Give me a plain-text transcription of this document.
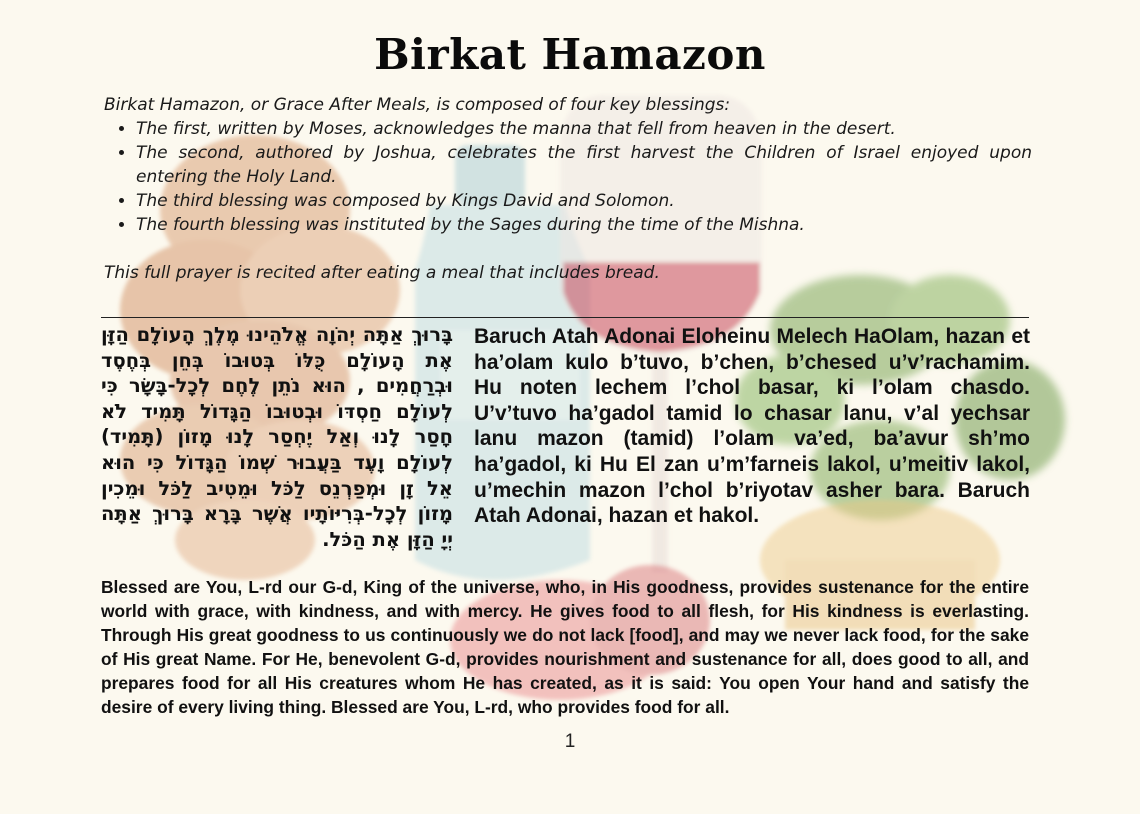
Birkat Hamazon

Birkat Hamazon, or Grace After Meals, is composed of four key blessings:

• The first, written by Moses, acknowledges the manna that fell from heaven in the desert.
• The second, authored by Joshua, celebrates the first harvest the Children of Israel enjoyed upon entering the Holy Land.
• The third blessing was composed by Kings David and Solomon.
• The fourth blessing was instituted by the Sages during the time of the Mishna.

This full prayer is recited after eating a meal that includes bread.

בָּרוּךְ אַתָּה יְהֹוָה אֱלֹהֵינוּ מֶלֶךְ הָעוֹלָם הַזָּן אֶת הָעוֹלָם כֻּלּוֹ בְּטוּבוֹ בְּחֵן בְּחֶסֶד וּבְרַחֲמִים , הוּא נֹתֵן לֶחֶם לְכָל-בָּשָׂר כִּי לְעוֹלָם חַסְדּוֹ וּבְטוּבוֹ הַגָּדוֹל תָּמִיד לֹא חָסַר לָנוּ וְאַל יֶחְסַר לָנוּ מָזוֹן (תָּמִיד) לְעוֹלָם וָעֶד בַּעֲבוּר שְׁמוֹ הַגָּדוֹל כִּי הוּא אֵל זָן וּמְפַרְנֵס לַכֹּל וּמֵטִיב לַכֹּל וּמֵכִין מָזוֹן לְכָל-בְּרִיּוֹתָיו אֲשֶׁר בָּרָא בָּרוּךְ אַתָּה יְיָ הַזָּן אֶת הַכֹּל.
Baruch Atah Adonai Eloheinu Melech HaOlam, hazan et ha’olam kulo b’tuvo, b’chen, b’chesed u’v’rachamim. Hu noten lechem l’chol basar, ki l’olam chasdo. U’v’tuvo ha’gadol tamid lo chasar lanu, v’al yechsar lanu mazon (tamid) l’olam va’ed, ba’avur sh’mo ha’gadol, ki Hu El zan u’m’farneis lakol, u’meitiv lakol, u’mechin mazon l’chol b’riyotav asher bara. Baruch Atah Adonai, hazan et hakol.
Blessed are You, L-rd our G-d, King of the universe, who, in His goodness, provides sustenance for the entire world with grace, with kindness, and with mercy. He gives food to all flesh, for His kindness is everlasting. Through His great goodness to us continuously we do not lack [food], and may we never lack food, for the sake of His great Name. For He, benevolent G-d, provides nourishment and sustenance for all, does good to all, and prepares food for all His creatures whom He has created, as it is said: You open Your hand and satisfy the desire of every living thing. Blessed are You, L-rd, who provides food for all.
1
